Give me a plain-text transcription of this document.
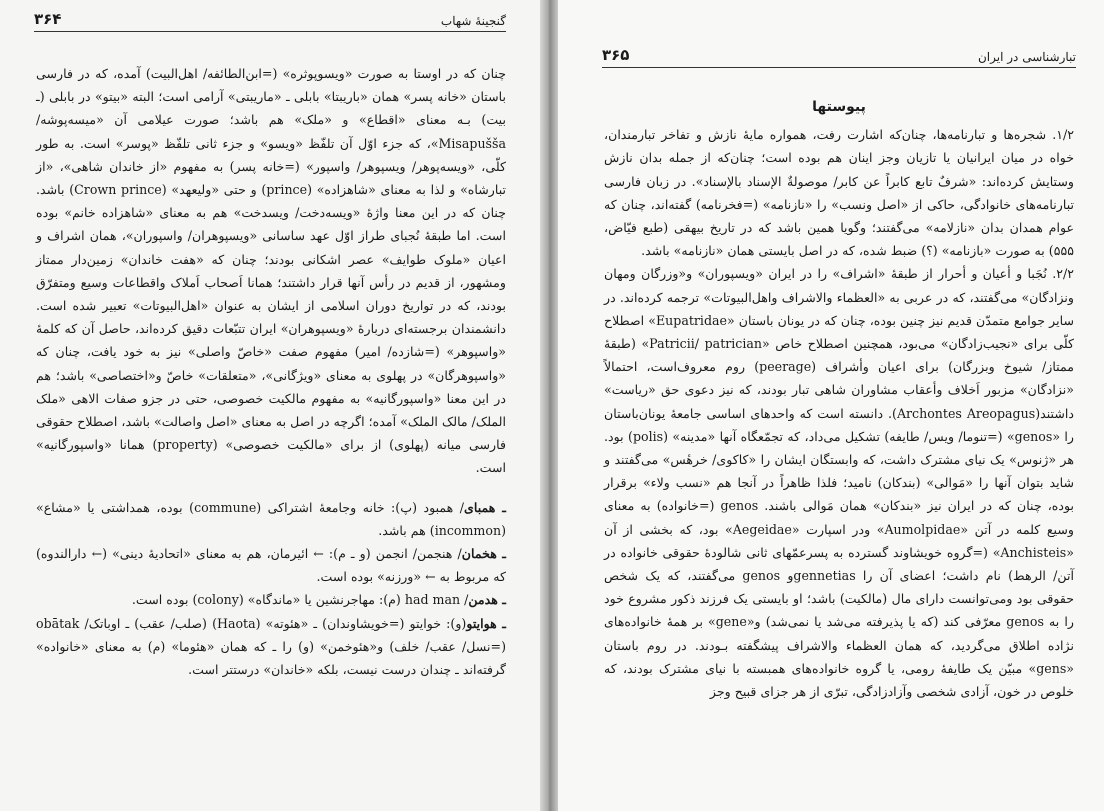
گنجینهٔ شهاب
۳۶۴

چنان که در اوستا به صورت «ویسوپوثره» (=ابن‌الطائفه/ اهل‌البیت) آمده، که در فارسی باستان «خانه پسر» همان «باریبتا» بابلی ـ «ماریبتی» آرامی است؛ البته «بیتو» در بابلی (ـ بیت) بـه معنای «اقطاع» و «ملک» هم باشد؛ صورت عیلامی آن «میسه‌پوشه/ Misapušša»، که جزء اوّل آن تلفّظ «ویسو» و جزء ثانی تلفّظ «پوسر» است. به طور کلّی، «ویسه‌پوهر/ ویسپوهر/ واسپور» (=خانه پسر) به مفهوم «از خاندان شاهی»، «از تبارشاه» و لذا به معنای «شاهزاده» (prince) و حتی «ولیعهد» (Crown prince) باشد. چنان که در این معنا واژهٔ «ویسه‌دخت/ ویسدخت» هم به معنای «شاهزاده خانم» بوده است. اما طبقهٔ نُجبای طراز اوّل عهد ساسانی «ویسپوهران/ واسپوران»، همان اشراف و اعیان «ملوک طوایف» عصر اشکانی بودند؛ چنان که «هفت خاندان» زمین‌دار ممتاز ومشهور، از قدیم در رأس آنها قرار داشتند؛ همانا اَصحاب اَملاک واقطاعات وسیع ومتفرّق بودند، که در تواریخ دوران اسلامی از ایشان به عنوان «اهل‌البیوتات» تعبیر شده است. دانشمندان برجسته‌ای دربارهٔ «ویسپوهران» ایران تتبّعات دقیق کرده‌اند، حاصل آن که کلمهٔ «واسپوهر» (=شازده/ امیر) مفهوم صفت «خاصّ واصلی» نیز به خود یافت، چنان که «واسپوهرگان» در پهلوی به معنای «ویژگانی»، «متعلقات» خاصّ و«اختصاصی» باشد؛ هم در این معنا «واسپورگانیه» به مفهوم مالکیت خصوصی، حتی در جزو صفات الاهی «ملک الملک/ مالک الملک» آمده؛ اگرچه در اصل به معنای «اصل واصالت» باشد، اصطلاح حقوقی فارسی میانه (پهلوی) از برای «مالکیت خصوصی» (property) همانا «واسپورگانیه» است.

ـ همبای/ همبود (پ): خانه وجامعهٔ اشتراکی (commune) بوده، همداشتی یا «مشاع» (incommon) هم باشد.

ـ هخمان/ هنجمن/ انجمن (و ـ م): ← ائیرمان، هم به معنای «اتحادیهٔ دینی» (← دارالندوه) که مربوط به ← «ورزنه» بوده است.

ـ هدمن/ had man (م): مهاجرنشین یا «ماندگاه» (colony) بوده است.

ـ هوایتو(و): خوایتو (=خویشاوندان) ـ «هئوته» (Haota) (صلب/ عقب) ـ اوباتک/ obātak (=نسل/ عقب/ خلف) و«هئوخمن» (و) را ـ که همان «هئوما» (م) به معنای «خانواده» گرفته‌اند ـ چندان درست نیست، بلکه «خاندان» درستتر است.

تبارشناسی در ایران
۳۶۵
پیوستها

۱/۲. شجره‌ها و تبارنامه‌ها، چنان‌که اشارت رفت، همواره مایهٔ نازش و تفاخر تبارمندان، خواه در میان ایرانیان یا تازیان وجز اینان هم بوده است؛ چنان‌که از جمله بدان نازش وستایش کرده‌اند: «شرفٌ تابع کابراً عن کابر/ موصولةٌ الإسناد بالإسناد». در زبان فارسی تبارنامه‌های خانوادگی، حاکی از «اصل ونسب» را «نازنامه» (=فخرنامه) گفته‌اند، چنان که عوام همدان بدان «نازلامه» می‌گفتند؛ وگویا همین باشد که در تاریخ بیهقی (طبع فیّاض، ۵۵۵) به صورت «بازنامه» (؟) ضبط شده، که در اصل بایستی همان «نازنامه» باشد.

۲/۲. نُجَبا و أعیان و أحرار از طبقهٔ «اشراف» را در ایران «ویسپوران» و«وزرگان ومهان ونزادگان» می‌گفتند، که در عربی به «العظماء والاشراف واهل‌البیوتات» ترجمه کرده‌اند. در سایر جوامع متمدّن قدیم نیز چنین بوده، چنان که در یونان باستان «Eupatridae» اصطلاح کلّی برای «نجیب‌زادگان» می‌بود، همچنین اصطلاح خاص «Patricii/ patrician» (طبقهٔ ممتاز/ شیوخ وبزرگان) برای اعیان وأشراف (peerage) روم معروف‌است، احتمالاً «نزادگان» مزبور اَخلاف وأعقاب مشاوران شاهی تبار بودند، که نیز دعوی حق «ریاست» داشتند(Archontes Areopagus). دانسته است که واحدهای اساسی جامعهٔ یونان‌باستان را «genos» (=تنوما/ ویس/ طایفه) تشکیل می‌داد، که تجمّعگاه آنها «مدینه» (polis) بود. هر «ژنوس» یک نیای مشترک داشت، که وابستگان ایشان را «کاکوی/ خرهٔس» می‌گفتند و شاید بتوان آنها را «مَوالی» (بندکان) نامید؛ فلذا ظاهراً در آنجا هم «نسب ولاء» برقرار بوده، چنان که در ایران نیز «بندکان» همان مَوالی باشند. genos (=خانواده) به معنای وسیع کلمه در آتن «Aumolpidae» ودر اسپارت «Aegeidae» بود، که بخشی از آن «Anchisteis» (=گروه خویشاوند گسترده به پسرعمّهای ثانی شالودهٔ حقوقی خانواده در آتن/ الرهط) نام داشت؛ اعضای آن را gennetiasو genos می‌گفتند، که یک شخص حقوقی بود ومی‌توانست دارای مال (مالکیت) باشد؛ او بایستی یک فرزند ذکور مشروع خود را به genos معرّفی کند (که یا پذیرفته می‌شد یا نمی‌شد) و«gene» بر همهٔ خانواده‌های نژاده اطلاق می‌گردید، که همان العظماء والاشراف پیشگفته بـودند. در روم باستان «gens» مبیّن یک طایفهٔ رومی، یا گروه خانواده‌های همبسته با نیای مشترک بودند، که خلوص در خون، آزادی شخصی وآزادزادگی، تبرّی از هر جزای قبیح وجز
